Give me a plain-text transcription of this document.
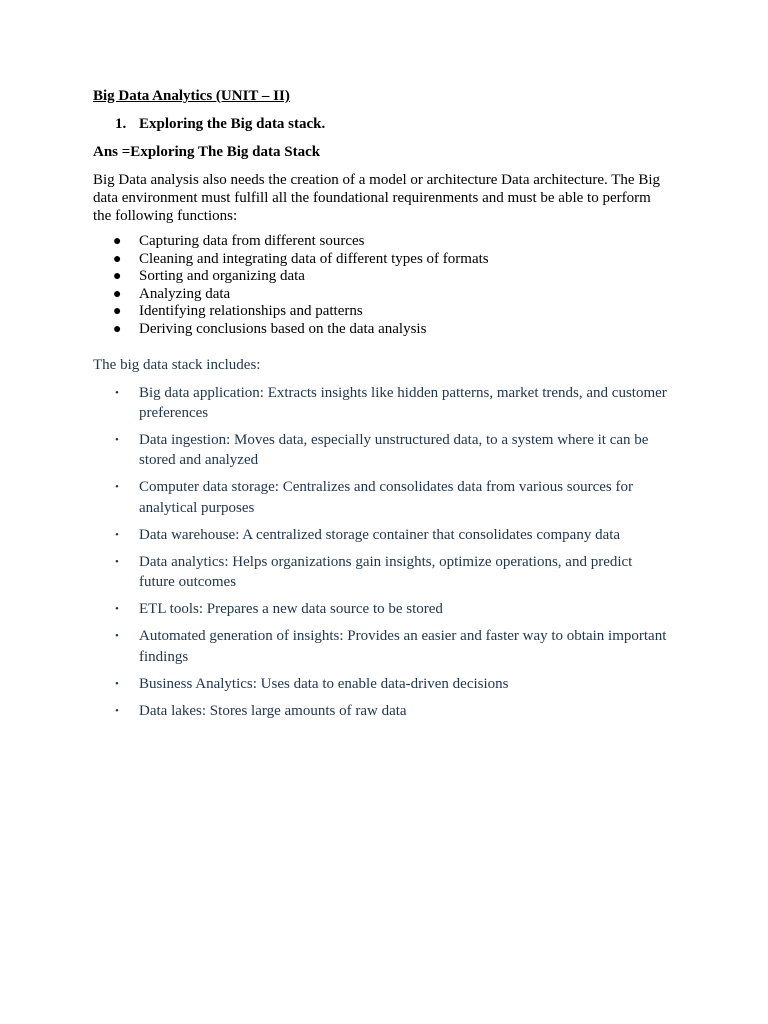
Big Data Analytics (UNIT – II)

1. Exploring the Big data stack.

Ans =Exploring The Big data Stack

Big Data analysis also needs the creation of a model or architecture Data architecture. The Big data environment must fulfill all the foundational requirenments and must be able to perform the following functions:

● Capturing data from different sources
● Cleaning and integrating data of different types of formats
● Sorting and organizing data
● Analyzing data
● Identifying relationships and patterns
● Deriving conclusions based on the data analysis

The big data stack includes:

• Big data application: Extracts insights like hidden patterns, market trends, and customer preferences
• Data ingestion: Moves data, especially unstructured data, to a system where it can be stored and analyzed
• Computer data storage: Centralizes and consolidates data from various sources for analytical purposes
• Data warehouse: A centralized storage container that consolidates company data
• Data analytics: Helps organizations gain insights, optimize operations, and predict future outcomes
• ETL tools: Prepares a new data source to be stored
• Automated generation of insights: Provides an easier and faster way to obtain important findings
• Business Analytics: Uses data to enable data-driven decisions
• Data lakes: Stores large amounts of raw data
